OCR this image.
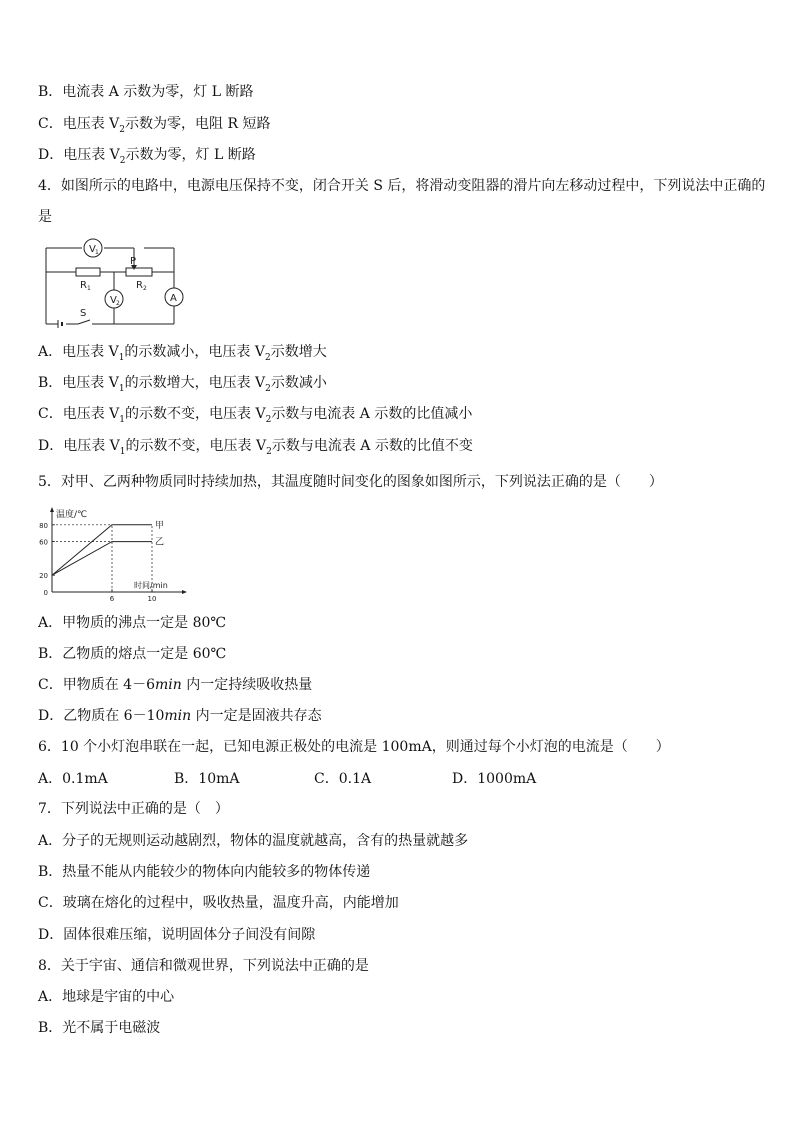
B．电流表 A 示数为零，灯 L 断路
C．电压表 $V_2$示数为零，电阻 R 短路
D．电压表 $V_2$示数为零，灯 L 断路
4．如图所示的电路中，电源电压保持不变，闭合开关 S 后，将滑动变阻器的滑片向左移动过程中，下列说法中正确的
是
V 1
V 2	A
R 1	R 2
P
S
A．电压表 $V_1$的示数减小，电压表 $V_2$示数增大
B．电压表 $V_1$的示数增大，电压表 $V_2$示数减小
C．电压表 $V_1$的示数不变，电压表 $V_2$示数与电流表 A 示数的比值减小
D．电压表 $V_1$的示数不变，电压表 $V_2$示数与电流表 A 示数的比值不变
5．对甲、乙两种物质同时持续加热，其温度随时间变化的图象如图所示，下列说法正确的是（　　）
温度/℃
时间/min
80
60
20
0
6	10
甲
乙
A．甲物质的沸点一定是 80℃
B．乙物质的熔点一定是 60℃
C．甲物质在 4－6min 内一定持续吸收热量
D．乙物质在 6－10min 内一定是固液共存态
6．10 个小灯泡串联在一起，已知电源正极处的电流是 100mA，则通过每个小灯泡的电流是（　　）
A．0.1mA	B．10mA	C．0.1A	D．1000mA
7．下列说法中正确的是（　）
A．分子的无规则运动越剧烈，物体的温度就越高，含有的热量就越多
B．热量不能从内能较少的物体向内能较多的物体传递
C．玻璃在熔化的过程中，吸收热量，温度升高，内能增加
D．固体很难压缩，说明固体分子间没有间隙
8．关于宇宙、通信和微观世界，下列说法中正确的是
A．地球是宇宙的中心
B．光不属于电磁波
